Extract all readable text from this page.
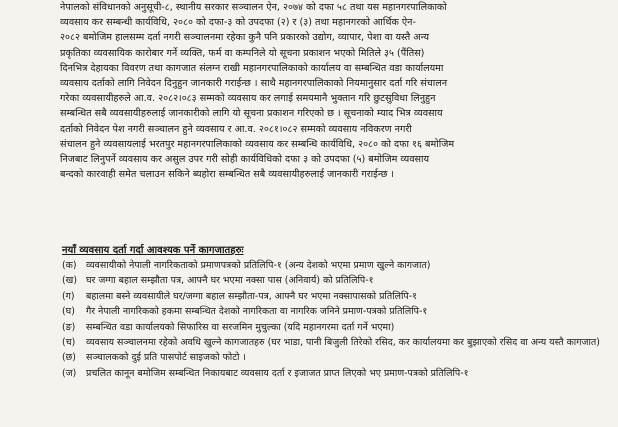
नेपालको संविधानको अनुसूची-८, स्थानीय सरकार सञ्चालन ऐन, २०७४ को दफा ५८ तथा यस महानगरपालिकाको
व्यवसाय कर सम्बन्धी कार्यविधि, २०८० को दफा-३ को उपदफा (२) र (३) तथा महानगरको आर्थिक ऐन-
२०८२ बमोजिम हालसम्म दर्ता नगरी सञ्चालनमा रहेका कुनै पनि प्रकारको उद्योग, व्यापार, पेशा वा यस्तै अन्य
प्रकृतिका व्यवसायिक कारोबार गर्ने व्यक्ति, फर्म वा कम्पनिले यो सूचना प्रकाशन भएको मितिले ३५ (पैंतिस)
दिनभित्र देहायका विवरण तथा कागजात संलग्न राखी महानगरपालिकाको कार्यालय वा सम्बन्धित वडा कार्यालयमा
व्यवसाय दर्ताको लागि निवेदन दिनुहुन जानकारी गराईन्छ । साथै महानगरपालिकाको नियमानुसार दर्ता गरि संचालन
गरेका व्यवसायीहरुले आ.व. २०८२।०८३ सम्मको व्यवसाय कर लगाई समयमानै भुक्तान गरि छुटसुविधा लिनुहुन
सम्बन्धित सबै व्यवसायीहरुलाई जानकारीको लागि यो सूचना प्रकाशन गरिएको छ । सूचनाको म्याद भित्र व्यवसाय
दर्ताको निवेदन पेश नगरी सञ्चालन हुने व्यवसाय र आ.व. २०८१।०८२ सम्मको व्यवसाय नविकरण नगरी
संचालन हुने व्यवसायलाई भरतपुर महानगरपालिकाको व्यवसाय कर सम्बन्धि कार्यविधि, २०८० को दफा १६ बमोजिम
निजबाट लिनुपर्ने व्यवसाय कर असुल उपर गरी सोही कार्यविधिको दफा ३ को उपदफा (५) बमोजिम व्यवसाय
बन्दको कारवाही समेत चलाउन सकिने ब्यहोरा सम्बन्धित सबै व्यवसायीहरुलाई जानकारी गराईन्छ ।
नयाँ व्यवसाय दर्ता गर्दा आवश्यक पर्ने कागजातहरुः
(क)	व्यवसायीको नेपाली नागरिकताको प्रमाणपत्रको प्रतिलिपि-१ (अन्य देशको भएमा प्रमाण खुल्ने कागजात)
(ख) घर जग्गा बहाल सम्झौता पत्र, आफ्नै घर भएमा नक्सा पास (अनिवार्य) को प्रतिलिपि-१
(ग)	बहालमा बस्ने व्यवसायीले घर/जग्गा बहाल सम्झौता-पत्र, आफ्नै घर भएमा नक्सापासको प्रतिलिपि-१
(घ)	गैर नेपाली नागरिकको हकमा सम्बन्धित देशको नागरिकता वा नागरिक जनिने प्रमाण-पत्रको प्रतिलिपि-१
(ङ)	सम्बन्धित वडा कार्यालयको सिफारिस वा सरजमिन मुचुल्का (यदि महानगरमा दर्ता गर्ने भएमा)
(च)	व्यवसाय सञ्चालनमा रहेको अवधि खुल्ने कागजातहरु (घर भाडा, पानी बिजुली तिरेको रसिद, कर कार्यालयमा कर बुझाएको रसिद वा अन्य यस्तै कागजात)
(छ)	सञ्चालकको दुई प्रति पासपोर्ट साइजको फोटो ।
(ज)	प्रचलित कानून बमोजिम सम्बन्धित निकायबाट व्यवसाय दर्ता र इजाजत प्राप्त लिएको भए प्रमाण-पत्रको प्रतिलिपि-१
